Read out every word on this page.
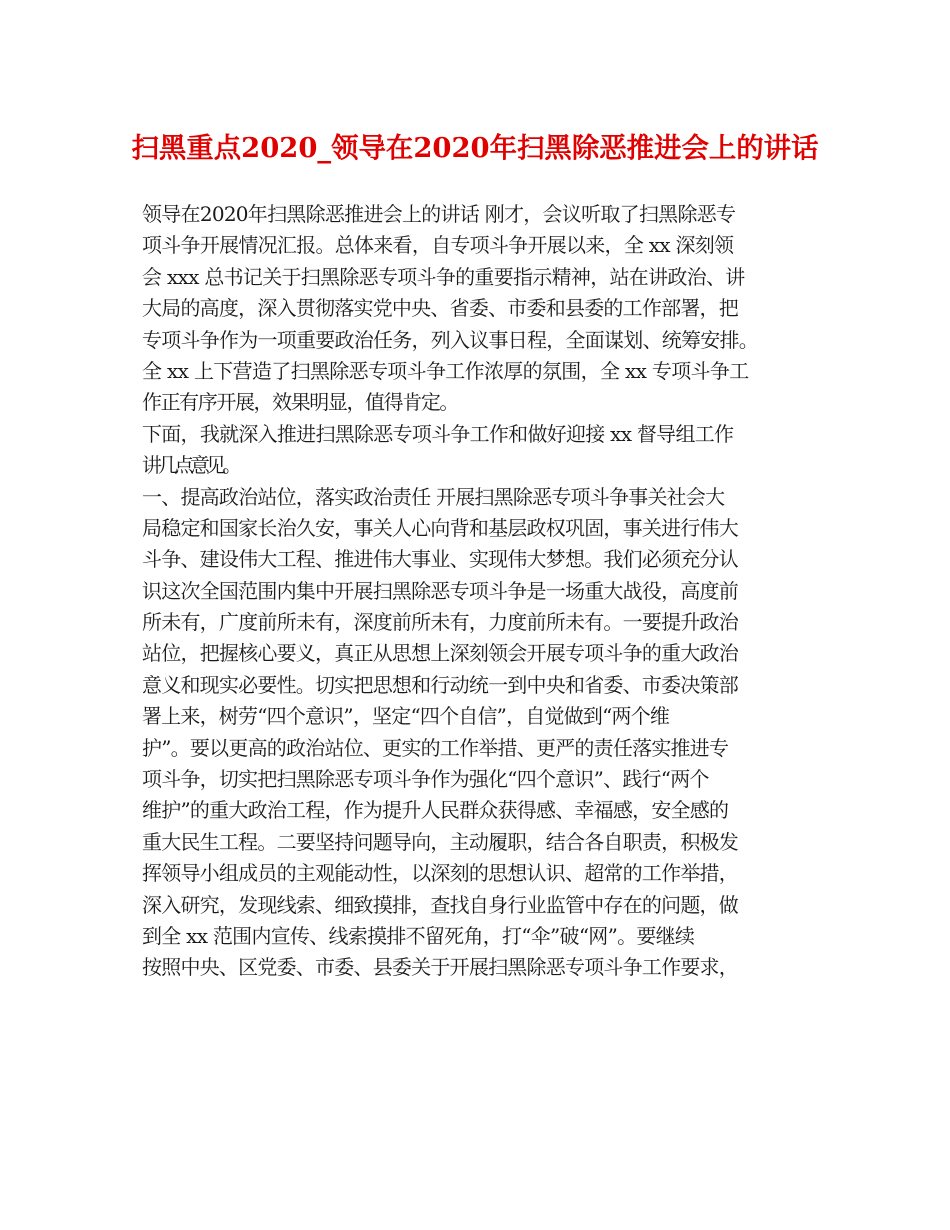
扫黑重点2020_领导在2020年扫黑除恶推进会上的讲话
领导在2020年扫黑除恶推进会上的讲话 刚才，会议听取了扫黑除恶专
项斗争开展情况汇报。总体来看，自专项斗争开展以来，全 xx 深刻领
会 xxx 总书记关于扫黑除恶专项斗争的重要指示精神，站在讲政治、讲
大局的高度，深入贯彻落实党中央、省委、市委和县委的工作部署，把
专项斗争作为一项重要政治任务，列入议事日程，全面谋划、统筹安排。
全 xx 上下营造了扫黑除恶专项斗争工作浓厚的氛围，全 xx 专项斗争工
作正有序开展，效果明显，值得肯定。
下面，我就深入推进扫黑除恶专项斗争工作和做好迎接 xx 督导组工作
讲几点意见。
一、提高政治站位，落实政治责任 开展扫黑除恶专项斗争事关社会大
局稳定和国家长治久安，事关人心向背和基层政权巩固，事关进行伟大
斗争、建设伟大工程、推进伟大事业、实现伟大梦想。我们必须充分认
识这次全国范围内集中开展扫黑除恶专项斗争是一场重大战役，高度前
所未有，广度前所未有，深度前所未有，力度前所未有。一要提升政治
站位，把握核心要义，真正从思想上深刻领会开展专项斗争的重大政治
意义和现实必要性。切实把思想和行动统一到中央和省委、市委决策部
署上来，树劳“四个意识”，坚定“四个自信”，自觉做到“两个维
护”。要以更高的政治站位、更实的工作举措、更严的责任落实推进专
项斗争，切实把扫黑除恶专项斗争作为强化“四个意识”、践行“两个
维护”的重大政治工程，作为提升人民群众获得感、幸福感，安全感的
重大民生工程。二要坚持问题导向，主动履职，结合各自职责，积极发
挥领导小组成员的主观能动性，以深刻的思想认识、超常的工作举措，
深入研究，发现线索、细致摸排，查找自身行业监管中存在的问题，做
到全 xx 范围内宣传、线索摸排不留死角，打“伞”破“网”。要继续
按照中央、区党委、市委、县委关于开展扫黑除恶专项斗争工作要求，
